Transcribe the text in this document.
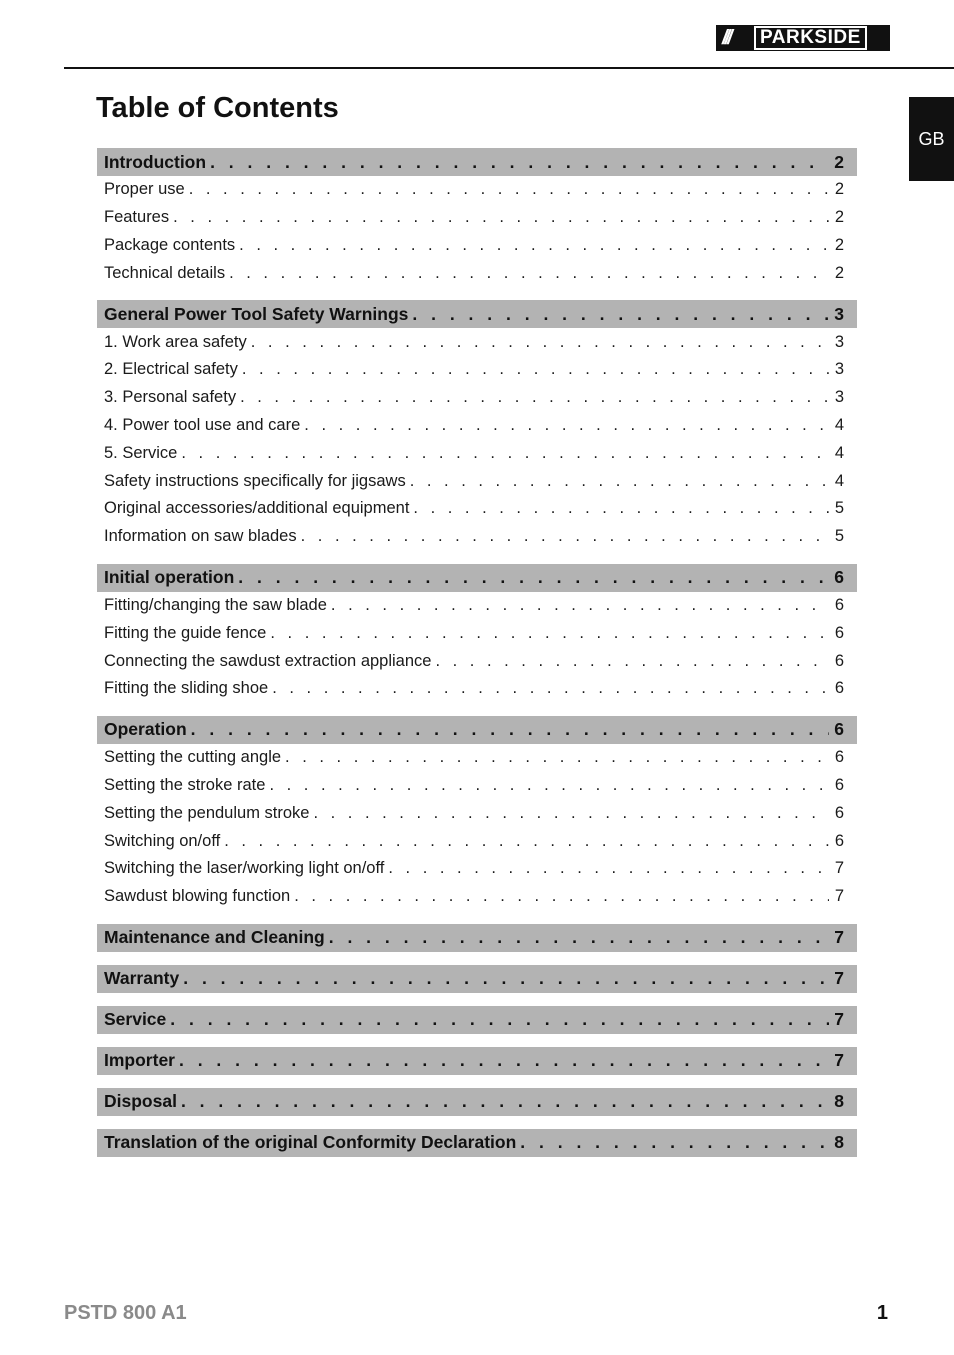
///	PARKSIDE
GB
Table of Contents
Introduction . . .	2
Proper use . . .	2
Features . . .	2
Package contents . . .	2
Technical details . . .	2
General Power Tool Safety Warnings . . .	3
1. Work area safety . . .	3
2. Electrical safety . . .	3
3. Personal safety . . .	3
4. Power tool use and care . . .	4
5. Service . . .	4
Safety instructions specifically for jigsaws . . .	4
Original accessories/additional equipment . . .	5
Information on saw blades . . .	5
Initial operation . . .	6
Fitting/changing the saw blade . . .	6
Fitting the guide fence . . .	6
Connecting the sawdust extraction appliance . . .	6
Fitting the sliding shoe . . .	6
Operation . . .	6
Setting the cutting angle . . .	6
Setting the stroke rate . . .	6
Setting the pendulum stroke . . .	6
Switching on/off . . .	6
Switching the laser/working light on/off . . .	7
Sawdust blowing function . . .	7
Maintenance and Cleaning . . .	7
Warranty . . .	7
Service . . .	7
Importer . . .	7
Disposal . . .	8
Translation of the original Conformity Declaration . . .	8
PSTD 800 A1	1
